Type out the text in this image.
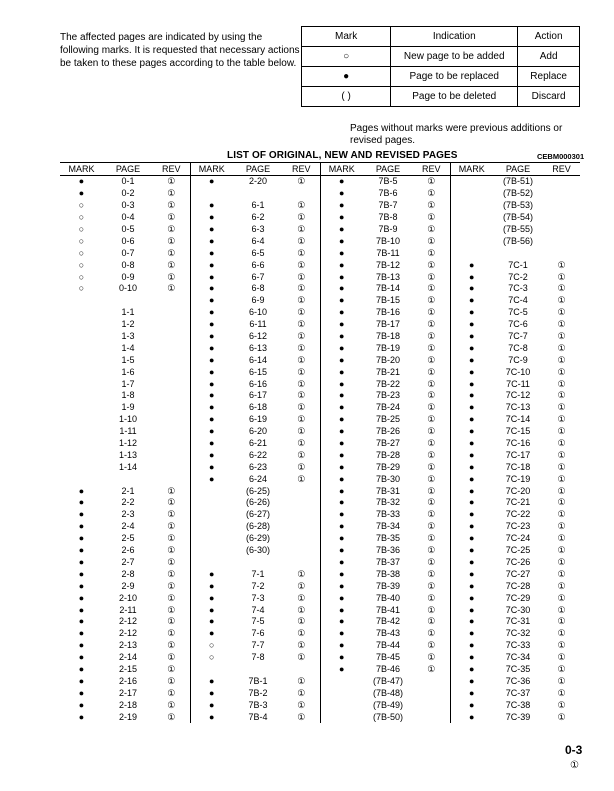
The affected pages are indicated by using the following marks. It is requested that necessary actions be taken to these pages according to the table below.
Mark	Indication	Action
○	New page to be added	Add
●	Page to be replaced	Replace
( )	Page to be deleted	Discard
Pages without marks were previous additions or revised pages.
LIST OF ORIGINAL, NEW AND REVISED PAGES	CEBM000301
MARK	PAGE	REV	MARK	PAGE	REV	MARK	PAGE	REV	MARK	PAGE	REV
●	0-1	①	●	2-20	①	●	7B-5	①		(7B-51)	
●	0-2	①				●	7B-6	①		(7B-52)	
○	0-3	①	●	6-1	①	●	7B-7	①		(7B-53)	
○	0-4	①	●	6-2	①	●	7B-8	①		(7B-54)	
○	0-5	①	●	6-3	①	●	7B-9	①		(7B-55)	
○	0-6	①	●	6-4	①	●	7B-10	①		(7B-56)	
○	0-7	①	●	6-5	①	●	7B-11	①			
○	0-8	①	●	6-6	①	●	7B-12	①	●	7C-1	①
○	0-9	①	●	6-7	①	●	7B-13	①	●	7C-2	①
○	0-10	①	●	6-8	①	●	7B-14	①	●	7C-3	①
			●	6-9	①	●	7B-15	①	●	7C-4	①
	1-1		●	6-10	①	●	7B-16	①	●	7C-5	①
	1-2		●	6-11	①	●	7B-17	①	●	7C-6	①
	1-3		●	6-12	①	●	7B-18	①	●	7C-7	①
	1-4		●	6-13	①	●	7B-19	①	●	7C-8	①
	1-5		●	6-14	①	●	7B-20	①	●	7C-9	①
	1-6		●	6-15	①	●	7B-21	①	●	7C-10	①
	1-7		●	6-16	①	●	7B-22	①	●	7C-11	①
	1-8		●	6-17	①	●	7B-23	①	●	7C-12	①
	1-9		●	6-18	①	●	7B-24	①	●	7C-13	①
	1-10		●	6-19	①	●	7B-25	①	●	7C-14	①
	1-11		●	6-20	①	●	7B-26	①	●	7C-15	①
	1-12		●	6-21	①	●	7B-27	①	●	7C-16	①
	1-13		●	6-22	①	●	7B-28	①	●	7C-17	①
	1-14		●	6-23	①	●	7B-29	①	●	7C-18	①
			●	6-24	①	●	7B-30	①	●	7C-19	①
●	2-1	①		(6-25)		●	7B-31	①	●	7C-20	①
●	2-2	①		(6-26)		●	7B-32	①	●	7C-21	①
●	2-3	①		(6-27)		●	7B-33	①	●	7C-22	①
●	2-4	①		(6-28)		●	7B-34	①	●	7C-23	①
●	2-5	①		(6-29)		●	7B-35	①	●	7C-24	①
●	2-6	①		(6-30)		●	7B-36	①	●	7C-25	①
●	2-7	①				●	7B-37	①	●	7C-26	①
●	2-8	①	●	7-1	①	●	7B-38	①	●	7C-27	①
●	2-9	①	●	7-2	①	●	7B-39	①	●	7C-28	①
●	2-10	①	●	7-3	①	●	7B-40	①	●	7C-29	①
●	2-11	①	●	7-4	①	●	7B-41	①	●	7C-30	①
●	2-12	①	●	7-5	①	●	7B-42	①	●	7C-31	①
●	2-12	①	●	7-6	①	●	7B-43	①	●	7C-32	①
●	2-13	①	○	7-7	①	●	7B-44	①	●	7C-33	①
●	2-14	①	○	7-8	①	●	7B-45	①	●	7C-34	①
●	2-15	①				●	7B-46	①	●	7C-35	①
●	2-16	①	●	7B-1	①		(7B-47)		●	7C-36	①
●	2-17	①	●	7B-2	①		(7B-48)		●	7C-37	①
●	2-18	①	●	7B-3	①		(7B-49)		●	7C-38	①
●	2-19	①	●	7B-4	①		(7B-50)		●	7C-39	①
0-3
①
